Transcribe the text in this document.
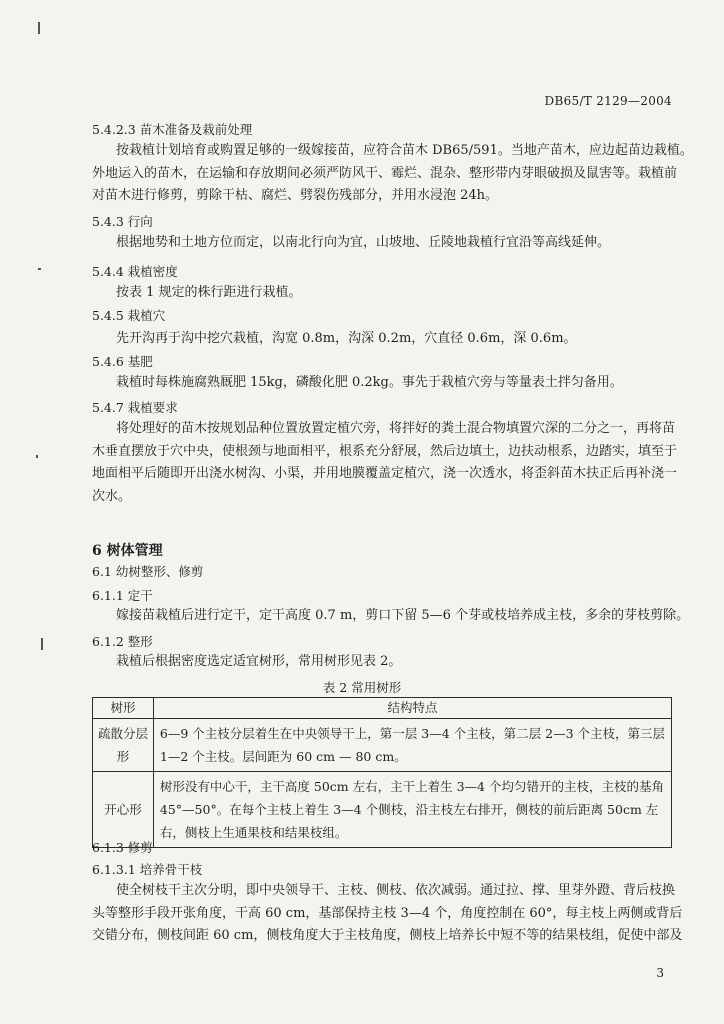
DB65/T 2129—2004
5.4.2.3 苗木准备及栽前处理
按栽植计划培育或购置足够的一级嫁接苗，应符合苗木 DB65/591。当地产苗木，应边起苗边栽植。
外地运入的苗木，在运输和存放期间必须严防风干、霉烂、混杂、整形带内芽眼破损及鼠害等。栽植前
对苗木进行修剪，剪除干枯、腐烂、劈裂伤残部分，并用水浸泡 24h。
5.4.3 行向
根据地势和土地方位而定，以南北行向为宜，山坡地、丘陵地栽植行宜沿等高线延伸。
5.4.4 栽植密度
按表 1 规定的株行距进行栽植。
5.4.5 栽植穴
先开沟再于沟中挖穴栽植，沟宽 0.8m，沟深 0.2m，穴直径 0.6m，深 0.6m。
5.4.6 基肥
栽植时每株施腐熟厩肥 15kg，磷酸化肥 0.2kg。事先于栽植穴旁与等量表土拌匀备用。
5.4.7 栽植要求
将处理好的苗木按规划品种位置放置定植穴旁，将拌好的粪土混合物填置穴深的二分之一，再将苗
木垂直摆放于穴中央，使根颈与地面相平，根系充分舒展，然后边填土，边扶动根系，边踏实，填至于
地面相平后随即开出浇水树沟、小渠，并用地膜覆盖定植穴，浇一次透水，将歪斜苗木扶正后再补浇一
次水。
6 树体管理
6.1 幼树整形、修剪
6.1.1 定干
嫁接苗栽植后进行定干，定干高度 0.7 m，剪口下留 5—6 个芽或枝培养成主枝，多余的芽枝剪除。
6.1.2 整形
栽植后根据密度选定适宜树形，常用树形见表 2。
表 2 常用树形
树形	结构特点
疏散分层形	6—9 个主枝分层着生在中央领导干上，第一层 3—4 个主枝，第二层 2—3 个主枝，第三层
1—2 个主枝。层间距为 60 cm — 80 cm。

开心形	树形没有中心干，主干高度 50cm 左右，主干上着生 3—4 个均匀错开的主枝，主枝的基角
45°—50°。在每个主枝上着生 3—4 个侧枝，沿主枝左右排开，侧枝的前后距离 50cm 左
右，侧枝上生通果枝和结果枝组。
6.1.3 修剪
6.1.3.1 培养骨干枝
使全树枝干主次分明，即中央领导干、主枝、侧枝、依次减弱。通过拉、撑、里芽外蹬、背后枝换
头等整形手段开张角度，干高 60 cm，基部保持主枝 3—4 个，角度控制在 60°，每主枝上两侧或背后
交错分布，侧枝间距 60 cm，侧枝角度大于主枝角度，侧枝上培养长中短不等的结果枝组，促使中部及
3
